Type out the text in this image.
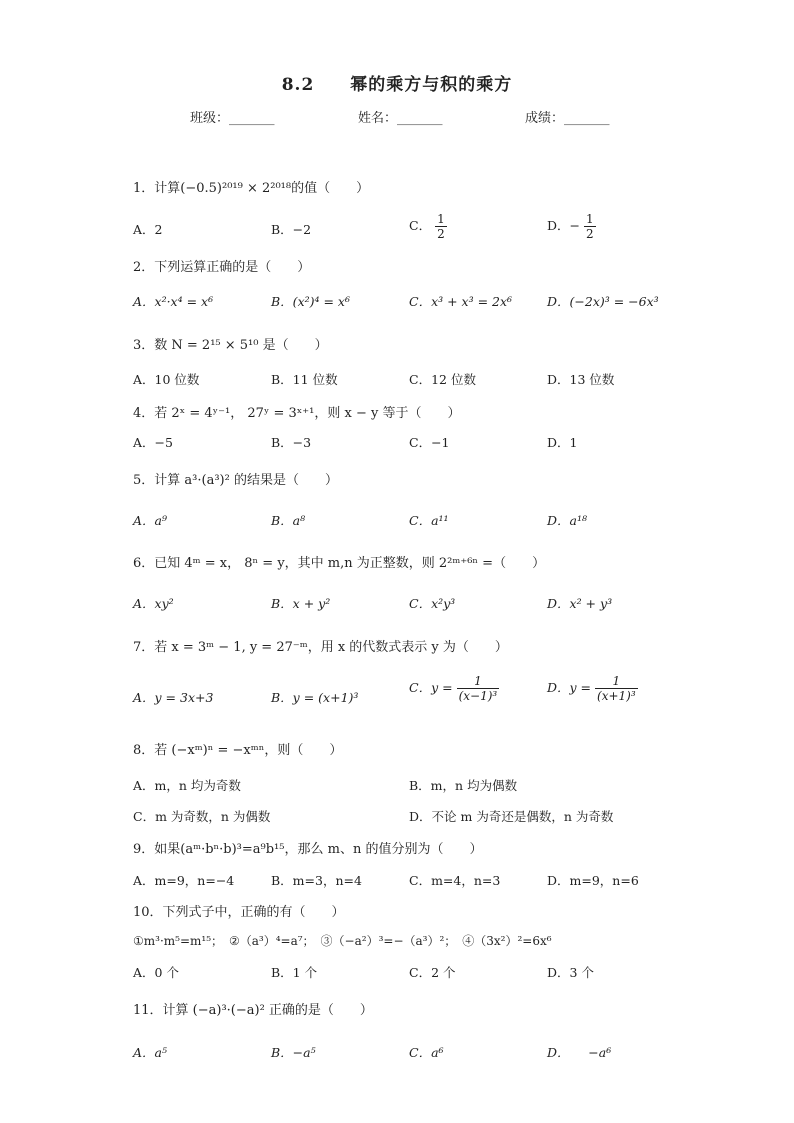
8.2　　幂的乘方与积的乘方
班级：_______	姓名：_______	成绩：_______
1．计算(−0.5)²⁰¹⁹ × 2²⁰¹⁸的值（　　）
A．2	B．−2	C． $\frac{1}{2}$	D．− $\frac{1}{2}$
2．下列运算正确的是（　　）
A．x²·x⁴ = x⁶	B．(x²)⁴ = x⁶	C．x³ + x³ = 2x⁶	D．(−2x)³ = −6x³
3．数 N = 2¹⁵ × 5¹⁰ 是（　　）
A．10 位数	B．11 位数	C．12 位数	D．13 位数
4．若 2ˣ = 4ʸ⁻¹， 27ʸ = 3ˣ⁺¹，则 x − y 等于（　　）
A．−5	B．−3	C．−1	D．1
5．计算 a³·(a³)² 的结果是（　　）
A．a⁹	B．a⁸	C．a¹¹	D．a¹⁸
6．已知 4ᵐ = x， 8ⁿ = y，其中 m,n 为正整数，则 2²ᵐ⁺⁶ⁿ =（　　）
A．xy²	B．x + y²	C．x²y³	D．x² + y³
7．若 x = 3ᵐ − 1, y = 27⁻ᵐ，用 x 的代数式表示 y 为（　　）
A．y = 3x+3	B．y = (x+1)³
C．$y = \frac{1}{\text{(x−1)³}}$	D．$y = \frac{1}{\text{(x+1)³}}$
8．若 (−xᵐ)ⁿ = −xᵐⁿ，则（　　）
A．m，n 均为奇数	B．m，n 均为偶数
C．m 为奇数，n 为偶数	D．不论 m 为奇还是偶数，n 为奇数
9．如果(aᵐ·bⁿ·b)³=a⁹b¹⁵，那么 m、n 的值分别为（　　）
A．m=9，n=−4	B．m=3，n=4	C．m=4，n=3	D．m=9，n=6
10．下列式子中，正确的有（　　）
①m³·m⁵=m¹⁵；　②（a³）⁴=a⁷；　③（−a²）³=−（a³）²；　④（3x²）²=6x⁶
A．0 个	B．1 个	C．2 个	D．3 个
11．计算 (−a)³·(−a)² 正确的是（　　）
A．a⁵	B．−a⁵	C．a⁶	D．　　−a⁶
